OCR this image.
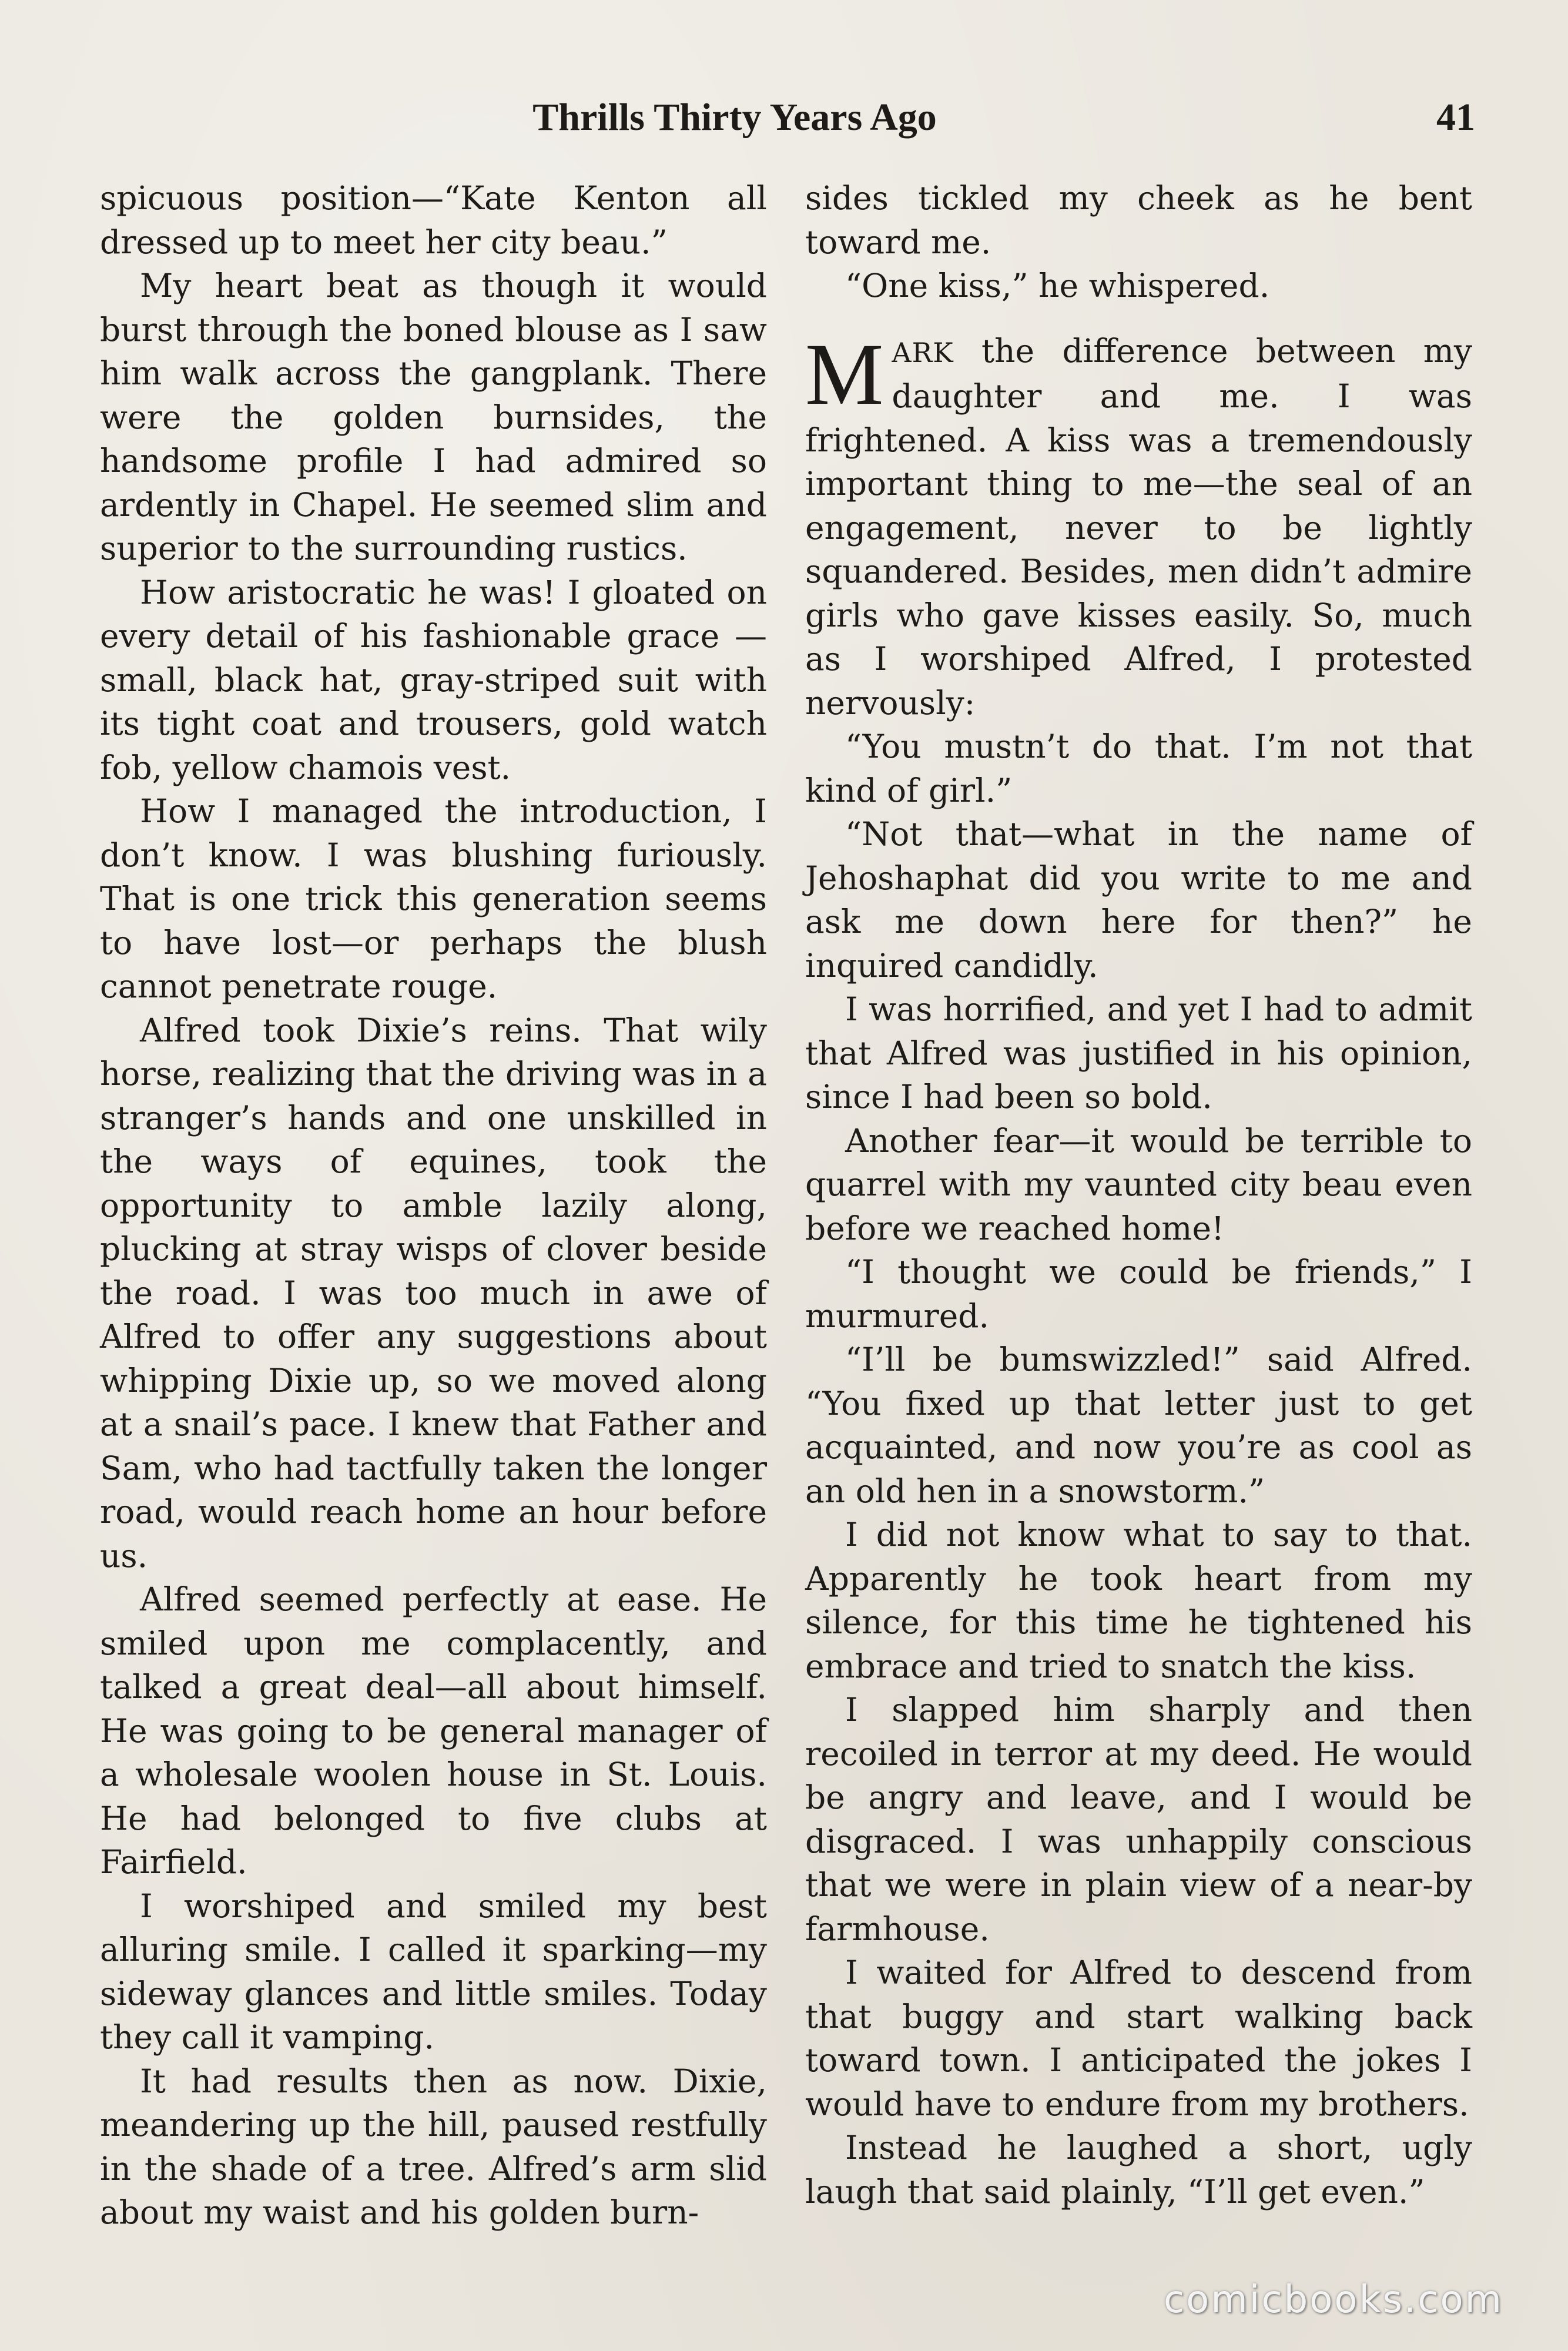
Thrills Thirty Years Ago	41

spicuous position—“Kate Kenton all dressed up to meet her city beau.”

My heart beat as though it would burst through the boned blouse as I saw him walk across the gangplank. There were the golden burnsides, the handsome profile I had admired so ardently in Chapel. He seemed slim and superior to the surrounding rustics.

How aristocratic he was! I gloated on every detail of his fashionable grace —small, black hat, gray-striped suit with its tight coat and trousers, gold watch fob, yellow chamois vest.

How I managed the introduction, I don’t know. I was blushing furiously. That is one trick this generation seems to have lost—or perhaps the blush cannot penetrate rouge.

Alfred took Dixie’s reins. That wily horse, realizing that the driving was in a stranger’s hands and one unskilled in the ways of equines, took the opportunity to amble lazily along, plucking at stray wisps of clover beside the road. I was too much in awe of Alfred to offer any suggestions about whipping Dixie up, so we moved along at a snail’s pace. I knew that Father and Sam, who had tactfully taken the longer road, would reach home an hour before us.

Alfred seemed perfectly at ease. He smiled upon me complacently, and talked a great deal—all about himself. He was going to be general manager of a wholesale woolen house in St. Louis. He had belonged to five clubs at Fairfield.

I worshiped and smiled my best alluring smile. I called it sparking—my sideway glances and little smiles. Today they call it vamping.

It had results then as now. Dixie, meandering up the hill, paused restfully in the shade of a tree. Alfred’s arm slid about my waist and his golden burn-

sides tickled my cheek as he bent toward me.

“One kiss,” he whispered.

MARK the difference between my daughter and me. I was frightened. A kiss was a tremendously important thing to me—the seal of an engagement, never to be lightly squandered. Besides, men didn’t admire girls who gave kisses easily. So, much as I worshiped Alfred, I protested nervously:

“You mustn’t do that. I’m not that kind of girl.”

“Not that—what in the name of Jehoshaphat did you write to me and ask me down here for then?” he inquired candidly.

I was horrified, and yet I had to admit that Alfred was justified in his opinion, since I had been so bold.

Another fear—it would be terrible to quarrel with my vaunted city beau even before we reached home!

“I thought we could be friends,” I murmured.

“I’ll be bumswizzled!” said Alfred. “You fixed up that letter just to get acquainted, and now you’re as cool as an old hen in a snowstorm.”

I did not know what to say to that. Apparently he took heart from my silence, for this time he tightened his embrace and tried to snatch the kiss.

I slapped him sharply and then recoiled in terror at my deed. He would be angry and leave, and I would be disgraced. I was unhappily conscious that we were in plain view of a near-by farmhouse.

I waited for Alfred to descend from that buggy and start walking back toward town. I anticipated the jokes I would have to endure from my brothers.

Instead he laughed a short, ugly laugh that said plainly, “I’ll get even.”

comicbooks.com
